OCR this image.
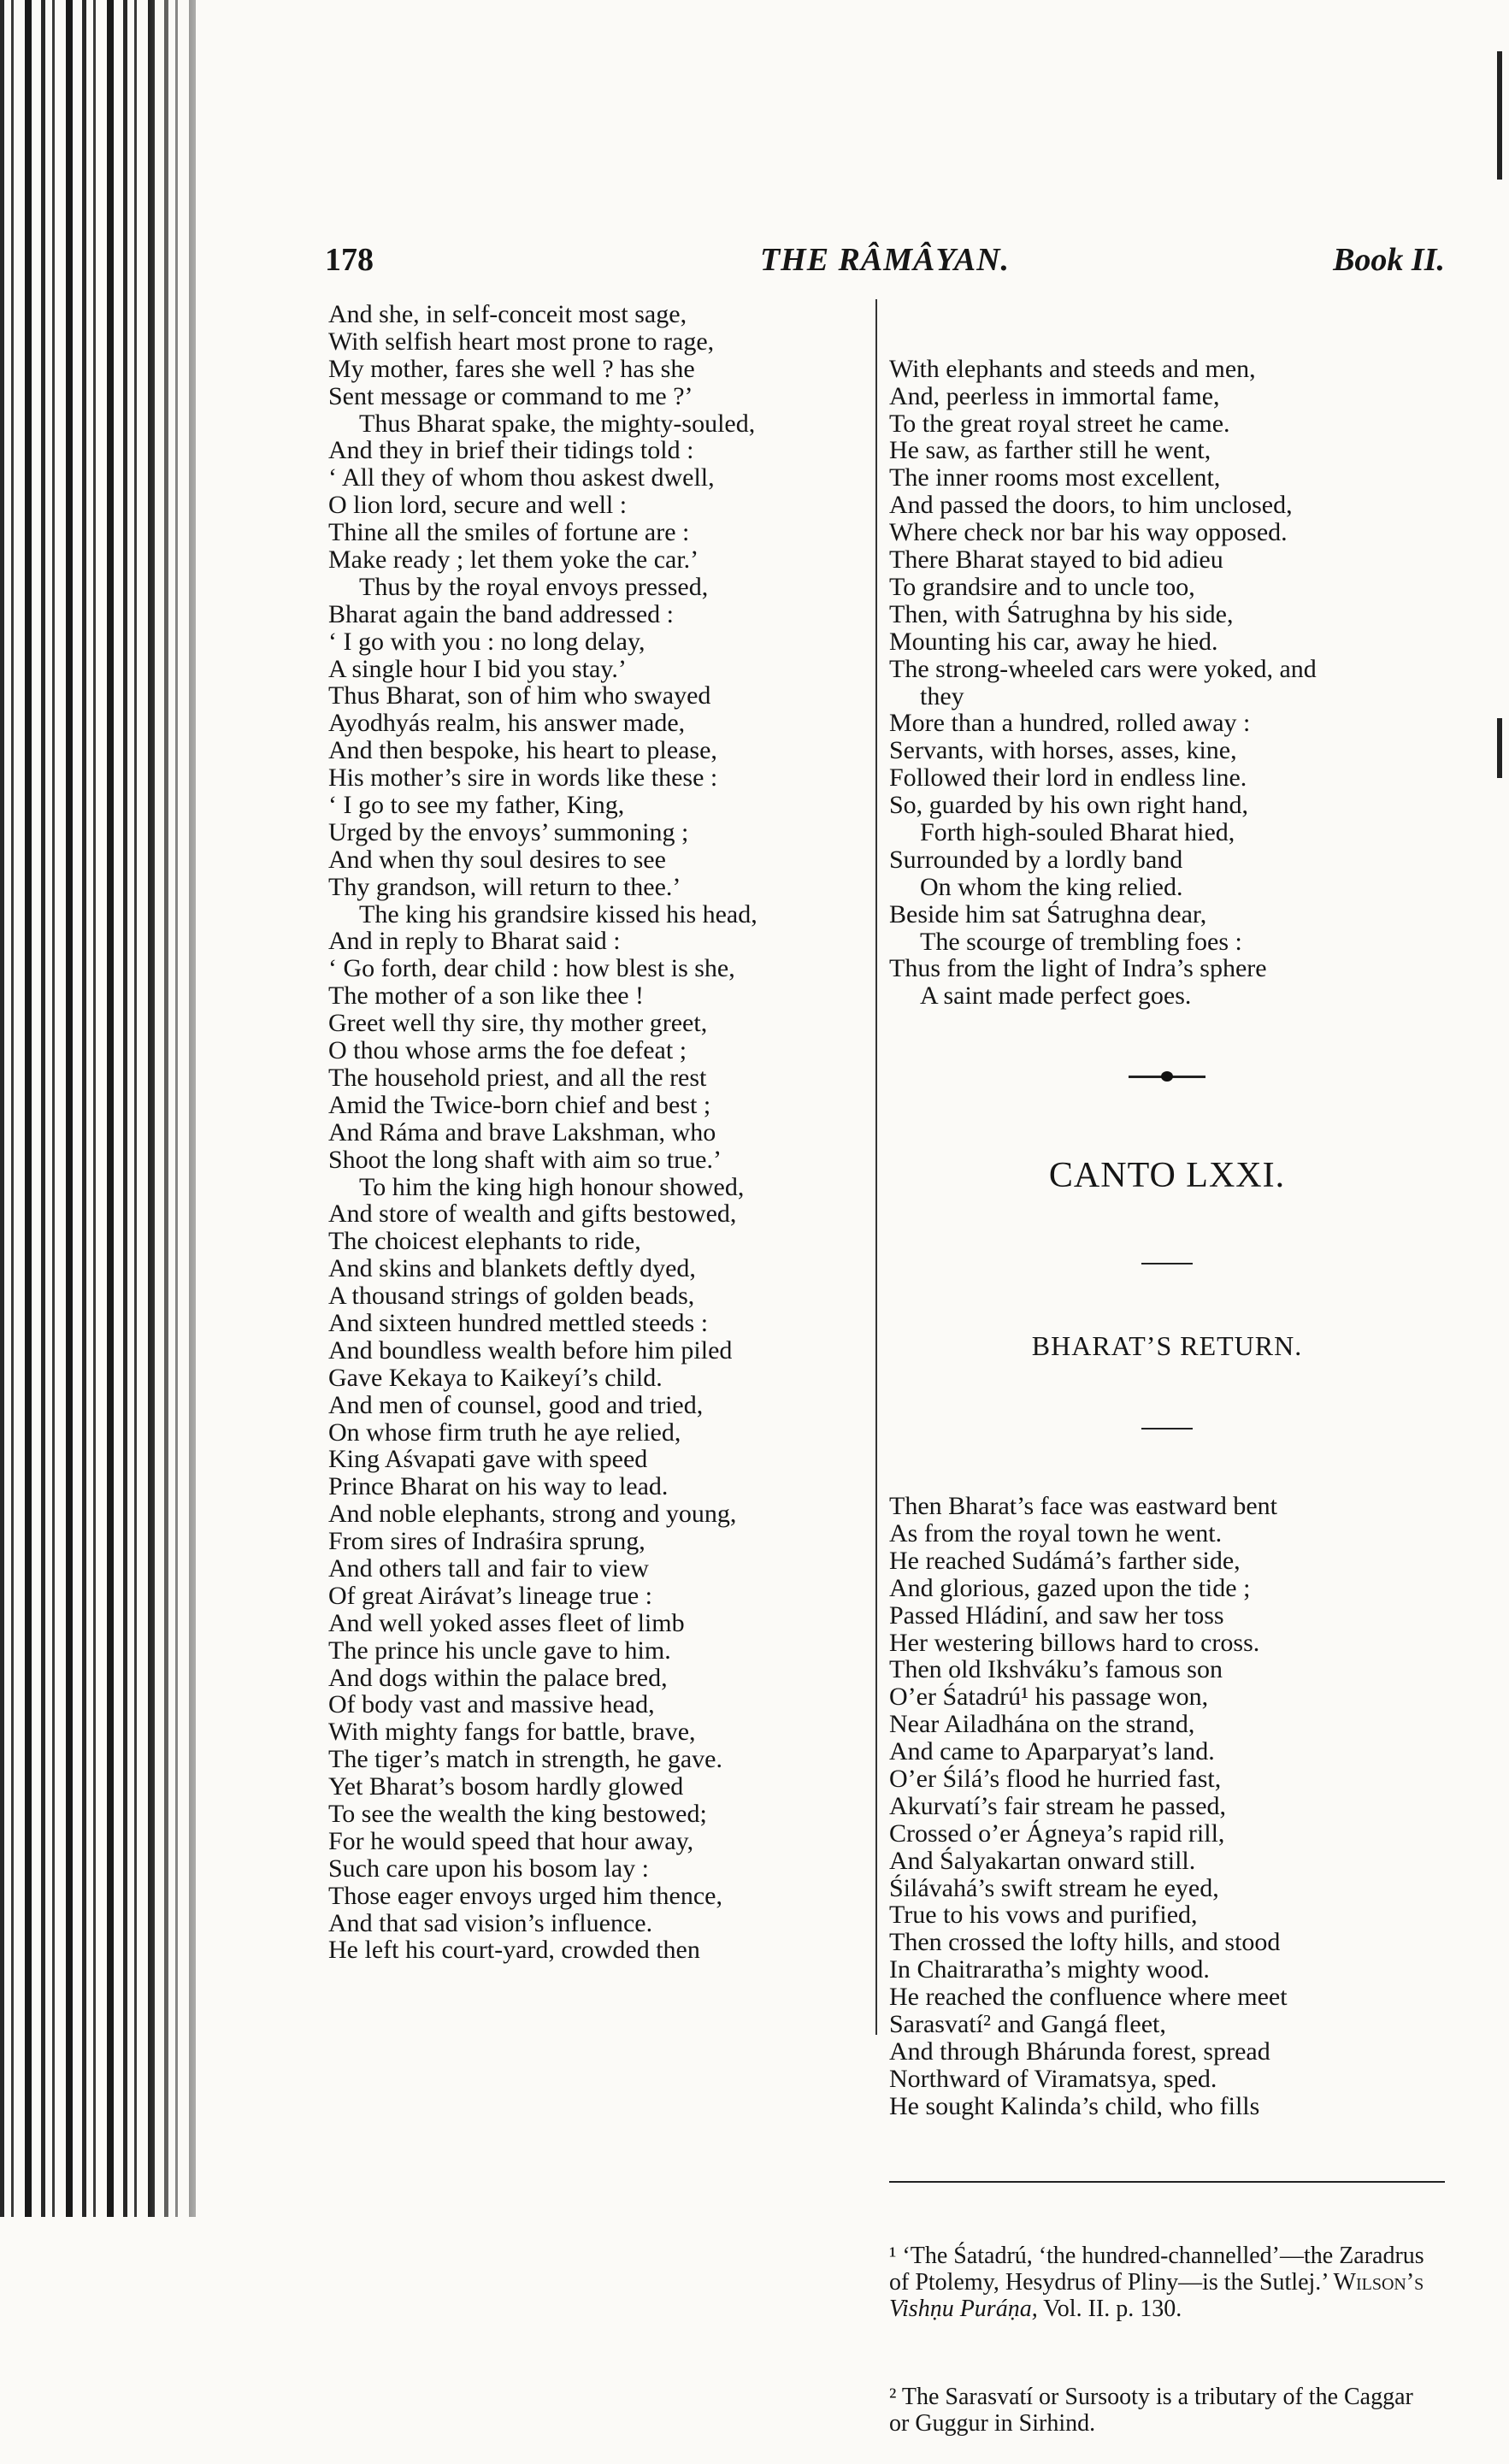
178	THE RÂMÂYAN.	Book II.
And she, in self-conceit most sage,
With selfish heart most prone to rage,
My mother, fares she well ? has she
Sent message or command to me ?’
Thus Bharat spake, the mighty-souled,
And they in brief their tidings told :
‘ All they of whom thou askest dwell,
O lion lord, secure and well :
Thine all the smiles of fortune are :
Make ready ; let them yoke the car.’
Thus by the royal envoys pressed,
Bharat again the band addressed :
‘ I go with you : no long delay,
A single hour I bid you stay.’
Thus Bharat, son of him who swayed
Ayodhyás realm, his answer made,
And then bespoke, his heart to please,
His mother’s sire in words like these :
‘ I go to see my father, King,
Urged by the envoys’ summoning ;
And when thy soul desires to see
Thy grandson, will return to thee.’
The king his grandsire kissed his head,
And in reply to Bharat said :
‘ Go forth, dear child : how blest is she,
The mother of a son like thee !
Greet well thy sire, thy mother greet,
O thou whose arms the foe defeat ;
The household priest, and all the rest
Amid the Twice-born chief and best ;
And Ráma and brave Lakshman, who
Shoot the long shaft with aim so true.’
To him the king high honour showed,
And store of wealth and gifts bestowed,
The choicest elephants to ride,
And skins and blankets deftly dyed,
A thousand strings of golden beads,
And sixteen hundred mettled steeds :
And boundless wealth before him piled
Gave Kekaya to Kaikeyí’s child.
And men of counsel, good and tried,
On whose firm truth he aye relied,
King Aśvapati gave with speed
Prince Bharat on his way to lead.
And noble elephants, strong and young,
From sires of Indraśira sprung,
And others tall and fair to view
Of great Airávat’s lineage true :
And well yoked asses fleet of limb
The prince his uncle gave to him.
And dogs within the palace bred,
Of body vast and massive head,
With mighty fangs for battle, brave,
The tiger’s match in strength, he gave.
Yet Bharat’s bosom hardly glowed
To see the wealth the king bestowed;
For he would speed that hour away,
Such care upon his bosom lay :
Those eager envoys urged him thence,
And that sad vision’s influence.
He left his court-yard, crowded then

With elephants and steeds and men,
And, peerless in immortal fame,
To the great royal street he came.
He saw, as farther still he went,
The inner rooms most excellent,
And passed the doors, to him unclosed,
Where check nor bar his way opposed.
There Bharat stayed to bid adieu
To grandsire and to uncle too,
Then, with Śatrughna by his side,
Mounting his car, away he hied.
The strong-wheeled cars were yoked, and
they
More than a hundred, rolled away :
Servants, with horses, asses, kine,
Followed their lord in endless line.
So, guarded by his own right hand,
Forth high-souled Bharat hied,
Surrounded by a lordly band
On whom the king relied.
Beside him sat Śatrughna dear,
The scourge of trembling foes :
Thus from the light of Indra’s sphere
A saint made perfect goes.

CANTO LXXI.

BHARAT’S RETURN.

Then Bharat’s face was eastward bent
As from the royal town he went.
He reached Sudámá’s farther side,
And glorious, gazed upon the tide ;
Passed Hládiní, and saw her toss
Her westering billows hard to cross.
Then old Ikshváku’s famous son
O’er Śatadrú¹ his passage won,
Near Ailadhána on the strand,
And came to Aparparyat’s land.
O’er Śilá’s flood he hurried fast,
Akurvatí’s fair stream he passed,
Crossed o’er Ágneya’s rapid rill,
And Śalyakartan onward still.
Śilávahá’s swift stream he eyed,
True to his vows and purified,
Then crossed the lofty hills, and stood
In Chaitraratha’s mighty wood.
He reached the confluence where meet
Sarasvatí² and Gangá fleet,
And through Bhárunda forest, spread
Northward of Viramatsya, sped.
He sought Kalinda’s child, who fills

¹ ‘The Śatadrú, ‘the hundred-channelled’—the Zaradrus of Ptolemy, Hesydrus of Pliny—is the Sutlej.’ Wilson’s Vishṇu Puráṇa, Vol. II. p. 130.

² The Sarasvatí or Sursooty is a tributary of the Caggar or Guggur in Sirhind.
